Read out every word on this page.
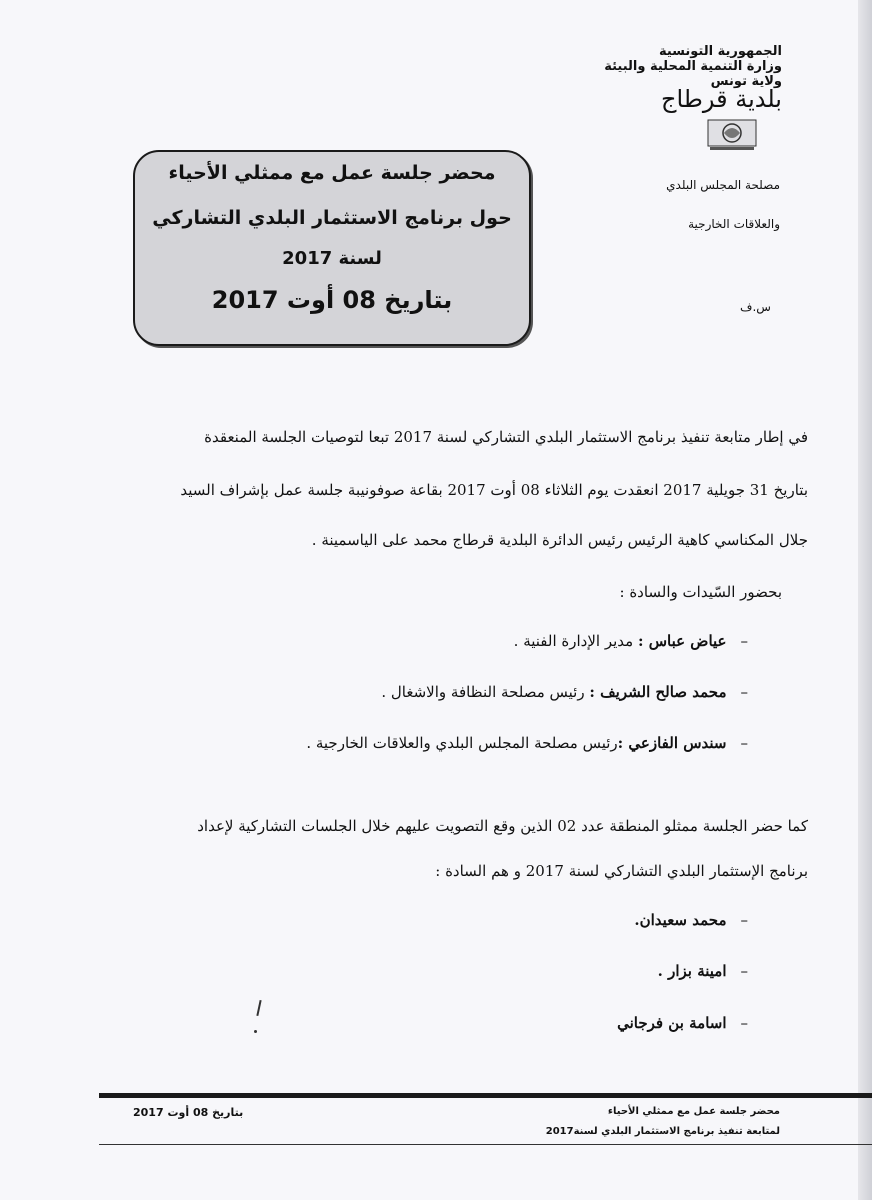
الجمهورية التونسية
وزارة التنمية المحلية والبيئة
ولاية تونس
بلدية قرطاج
مصلحة المجلس البلدي
والعلاقات الخارجية
س.ف
محضر جلسة عمل مع ممثلي الأحياء
حول برنامج الاستثمار البلدي التشاركي
لسنة 2017
بتاريخ 08 أوت 2017
في إطار متابعة تنفيذ برنامج الاستثمار البلدي التشاركي لسنة 2017 تبعا لتوصيات الجلسة المنعقدة
بتاريخ 31 جويلية 2017 انعقدت يوم الثلاثاء 08 أوت 2017 بقاعة صوفونيبة جلسة عمل بإشراف السيد
جلال المكناسي كاهية الرئيس رئيس الدائرة البلدية قرطاج محمد على الياسمينة .
بحضور السّيدات والسادة :
–عياض عباس : مدير الإدارة الفنية .
–محمد صالح الشريف : رئيس مصلحة النظافة والاشغال .
–سندس الفازعي :رئيس مصلحة المجلس البلدي والعلاقات الخارجية .
كما حضر الجلسة ممثلو المنطقة عدد 02 الذين وقع التصويت عليهم خلال الجلسات التشاركية لإعداد
برنامج الإستثمار البلدي التشاركي لسنة 2017 و هم السادة :
–محمد سعيدان.
–امينة بزار .
–اسامة بن فرجاني
محضر جلسة عمل مع ممثلي الأحياء
لمتابعة تنفيذ برنامج الاستثمار البلدي لسنة2017
بتاريخ 08 أوت 2017
